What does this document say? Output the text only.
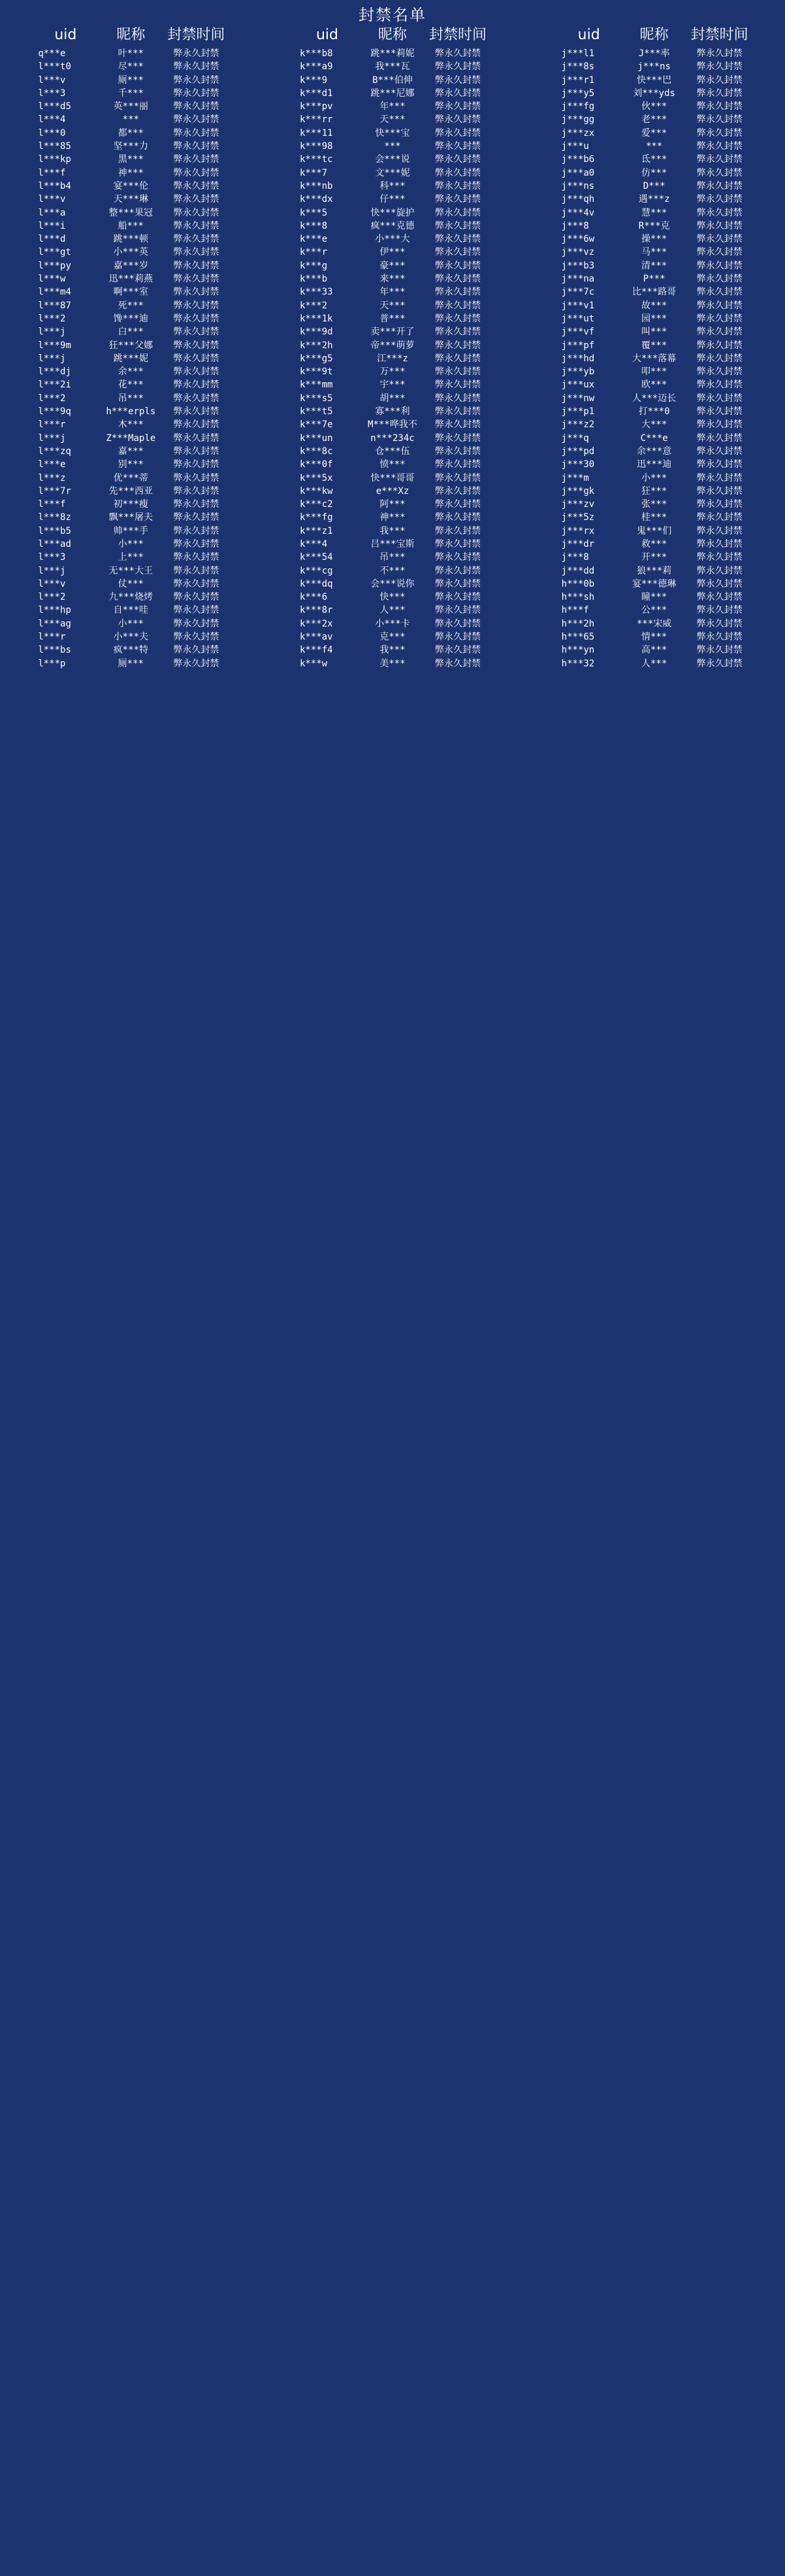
封禁名单
uid	昵称	封禁时间	uid	昵称	封禁时间	uid	昵称	封禁时间
q***e	叶***	弊永久封禁
l***t0	尽***	弊永久封禁
l***v	厕***	弊永久封禁
l***3	千***	弊永久封禁
l***d5	英***丽	弊永久封禁
l***4	***	弊永久封禁
l***0	都***	弊永久封禁
l***85	坚***力	弊永久封禁
l***kp	黑***	弊永久封禁
l***f	神***	弊永久封禁
l***b4	宴***伦	弊永久封禁
l***v	天***琳	弊永久封禁
l***a	整***果冠	弊永久封禁
l***i	船***	弊永久封禁
l***d	跳***顿	弊永久封禁
l***gt	小***英	弊永久封禁
l***py	嘉***岁	弊永久封禁
l***w	迅***莉燕	弊永久封禁
l***m4	啊***室	弊永久封禁
l***87	死***	弊永久封禁
l***2	馋***迪	弊永久封禁
l***j	白***	弊永久封禁
l***9m	狂***父娜	弊永久封禁
l***j	跳***妮	弊永久封禁
l***dj	余***	弊永久封禁
l***2i	花***	弊永久封禁
l***2	吊***	弊永久封禁
l***9q	h***erpls	弊永久封禁
l***r	木***	弊永久封禁
l***j	Z***Maple	弊永久封禁
l***zq	嘉***	弊永久封禁
l***e	别***	弊永久封禁
l***z	优***蒂	弊永久封禁
l***7r	先***西亚	弊永久封禁
l***f	初***瘦	弊永久封禁
l***8z	飘***屠夫	弊永久封禁
l***b5	帅***手	弊永久封禁
l***ad	小***	弊永久封禁
l***3	上***	弊永久封禁
l***j	无***大王	弊永久封禁
l***v	仗***	弊永久封禁
l***2	九***烧烤	弊永久封禁
l***hp	自***哇	弊永久封禁
l***ag	小***	弊永久封禁
l***r	小***夫	弊永久封禁
l***bs	疯***特	弊永久封禁
l***p	厕***	弊永久封禁
k***b8	跳***莉妮	弊永久封禁
k***a9	我***瓦	弊永久封禁
k***9	B***伯伸	弊永久封禁
k***d1	跳***尼娜	弊永久封禁
k***pv	年***	弊永久封禁
k***rr	天***	弊永久封禁
k***11	快***宝	弊永久封禁
k***98	***	弊永久封禁
k***tc	会***说	弊永久封禁
k***7	文***妮	弊永久封禁
k***nb	科***	弊永久封禁
k***dx	仔***	弊永久封禁
k***5	快***旋护	弊永久封禁
k***8	疯***克德	弊永久封禁
k***e	小***大	弊永久封禁
k***r	伊***	弊永久封禁
k***g	豪***	弊永久封禁
k***b	来***	弊永久封禁
k***33	年***	弊永久封禁
k***2	天***	弊永久封禁
k***1k	普***	弊永久封禁
k***9d	卖***开了	弊永久封禁
k***2h	帝***萌萝	弊永久封禁
k***g5	江***z	弊永久封禁
k***9t	万***	弊永久封禁
k***mm	宇***	弊永久封禁
k***s5	胡***	弊永久封禁
k***t5	寡***利	弊永久封禁
k***7e	M***哗我不	弊永久封禁
k***un	n***234c	弊永久封禁
k***8c	仓***伍	弊永久封禁
k***0f	愤***	弊永久封禁
k***5x	快***哥哥	弊永久封禁
k***kw	e***Xz	弊永久封禁
k***c2	阿***	弊永久封禁
k***fg	神***	弊永久封禁
k***z1	我***	弊永久封禁
k***4	吕***宝斯	弊永久封禁
k***54	吊***	弊永久封禁
k***cg	不***	弊永久封禁
k***dq	会***说你	弊永久封禁
k***6	快***	弊永久封禁
k***8r	人***	弊永久封禁
k***2x	小***卡	弊永久封禁
k***av	克***	弊永久封禁
k***f4	我***	弊永久封禁
k***w	美***	弊永久封禁
j***l1	J***率	弊永久封禁
j***8s	j***ns	弊永久封禁
j***r1	快***巴	弊永久封禁
j***y5	刘***yds	弊永久封禁
j***fg	伙***	弊永久封禁
j***gg	老***	弊永久封禁
j***zx	爱***	弊永久封禁
j***u	***	弊永久封禁
j***b6	氐***	弊永久封禁
j***a0	仿***	弊永久封禁
j***ns	D***	弊永久封禁
j***qh	遇***z	弊永久封禁
j***4v	慧***	弊永久封禁
j***8	R***克	弊永久封禁
j***6w	操***	弊永久封禁
j***vz	马***	弊永久封禁
j***b3	清***	弊永久封禁
j***na	P***	弊永久封禁
j***7c	比***路哥	弊永久封禁
j***v1	故***	弊永久封禁
j***ut	园***	弊永久封禁
j***vf	叫***	弊永久封禁
j***pf	覆***	弊永久封禁
j***hd	大***落幕	弊永久封禁
j***yb	叩***	弊永久封禁
j***ux	欧***	弊永久封禁
j***nw	人***迈长	弊永久封禁
j***p1	打***0	弊永久封禁
j***z2	大***	弊永久封禁
j***q	C***e	弊永久封禁
j***pd	余***意	弊永久封禁
j***30	迅***迪	弊永久封禁
j***m	小***	弊永久封禁
j***gk	狂***	弊永久封禁
j***zv	张***	弊永久封禁
j***5z	桂***	弊永久封禁
j***rx	鬼***们	弊永久封禁
j***dr	救***	弊永久封禁
j***8	开***	弊永久封禁
j***dd	狼***莉	弊永久封禁
h***0b	宴***德琳	弊永久封禁
h***sh	瞳***	弊永久封禁
h***f	公***	弊永久封禁
h***2h	***宋威	弊永久封禁
h***65	情***	弊永久封禁
h***yn	高***	弊永久封禁
h***32	人***	弊永久封禁
